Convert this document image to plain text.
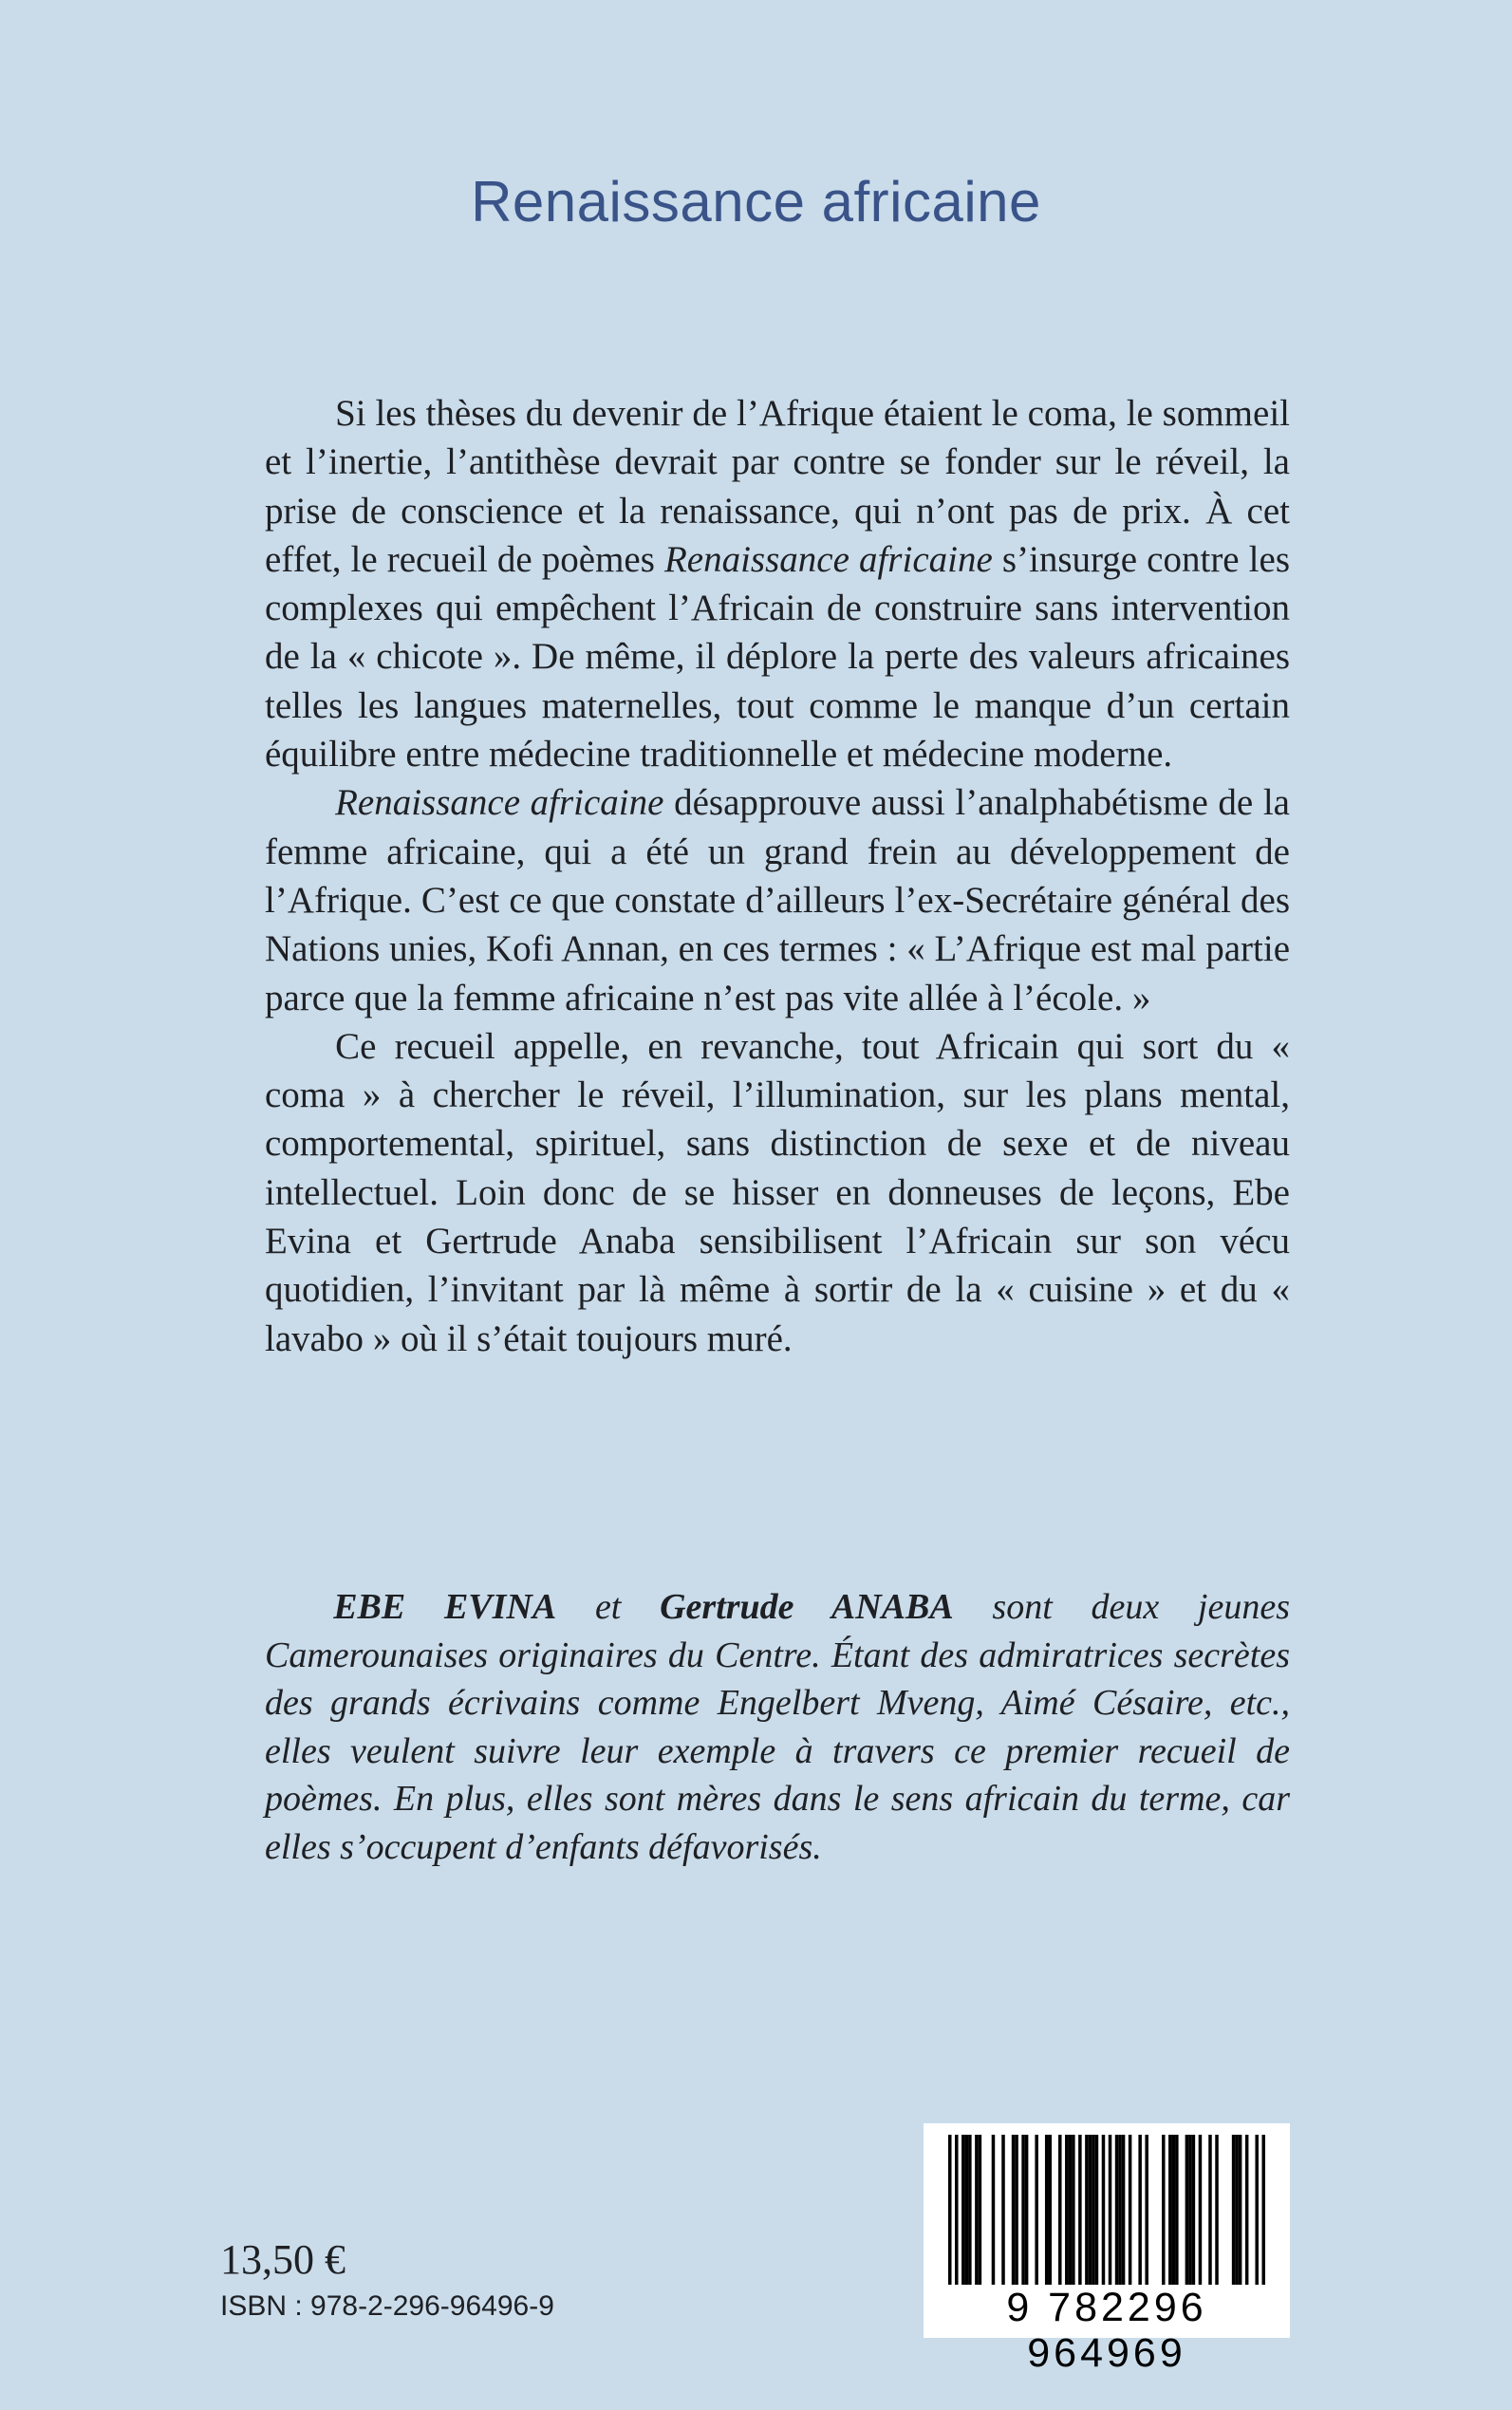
Renaissance africaine

Si les thèses du devenir de l’Afrique étaient le coma, le sommeil et l’inertie, l’antithèse devrait par contre se fonder sur le réveil, la prise de conscience et la renaissance, qui n’ont pas de prix. À cet effet, le recueil de poèmes Renaissance africaine s’insurge contre les complexes qui empêchent l’Africain de construire sans intervention de la « chicote ». De même, il déplore la perte des valeurs africaines telles les langues maternelles, tout comme le manque d’un certain équilibre entre médecine traditionnelle et médecine moderne.

Renaissance africaine désapprouve aussi l’analphabétisme de la femme africaine, qui a été un grand frein au développement de l’Afrique. C’est ce que constate d’ailleurs l’ex-Secrétaire général des Nations unies, Kofi Annan, en ces termes : « L’Afrique est mal partie parce que la femme africaine n’est pas vite allée à l’école. »

Ce recueil appelle, en revanche, tout Africain qui sort du « coma » à chercher le réveil, l’illumination, sur les plans mental, comportemental, spirituel, sans distinction de sexe et de niveau intellectuel. Loin donc de se hisser en donneuses de leçons, Ebe Evina et Gertrude Anaba sensibilisent l’Africain sur son vécu quotidien, l’invitant par là même à sortir de la « cuisine » et du « lavabo » où il s’était toujours muré.

EBE EVINA et Gertrude ANABA sont deux jeunes Camerounaises originaires du Centre. Étant des admiratrices secrètes des grands écrivains comme Engelbert Mveng, Aimé Césaire, etc., elles veulent suivre leur exemple à travers ce premier recueil de poèmes. En plus, elles sont mères dans le sens africain du terme, car elles s’occupent d’enfants défavorisés.

13,50 €
ISBN : 978-2-296-96496-9	9 782296 964969
